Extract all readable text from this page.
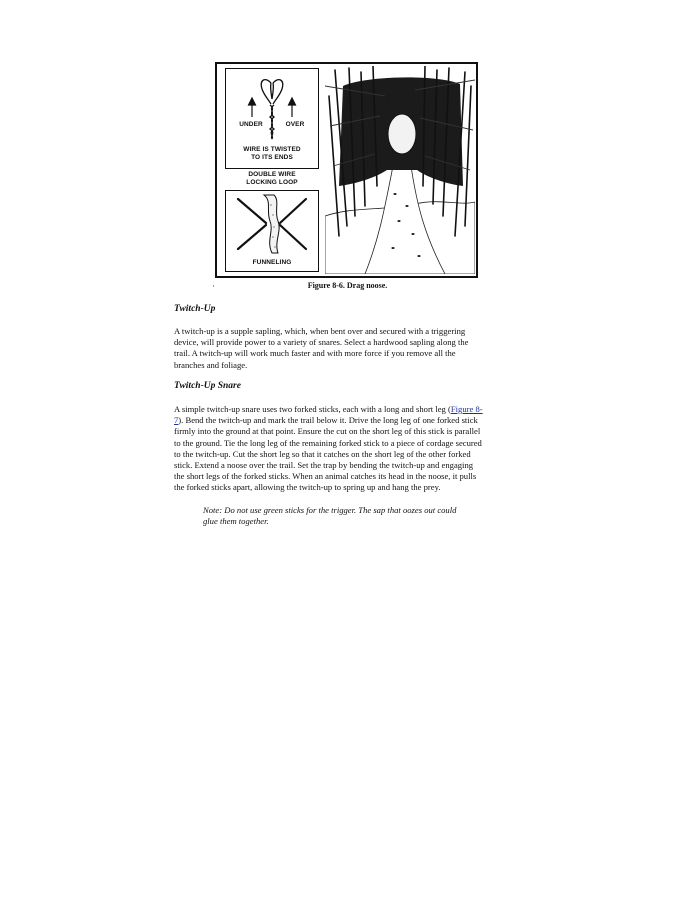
UNDER	OVER
WIRE IS TWISTED
TO ITS ENDS
DOUBLE WIRE
LOCKING LOOP
FUNNELING
Figure 8-6. Drag noose.
Twitch-Up
A twitch-up is a supple sapling, which, when bent over and secured with a triggering
device, will provide power to a variety of snares. Select a hardwood sapling along the
trail. A twitch-up will work much faster and with more force if you remove all the
branches and foliage.
Twitch-Up Snare
A simple twitch-up snare uses two forked sticks, each with a long and short leg (Figure 8-
7). Bend the twitch-up and mark the trail below it. Drive the long leg of one forked stick
firmly into the ground at that point. Ensure the cut on the short leg of this stick is parallel
to the ground. Tie the long leg of the remaining forked stick to a piece of cordage secured
to the twitch-up. Cut the short leg so that it catches on the short leg of the other forked
stick. Extend a noose over the trail. Set the trap by bending the twitch-up and engaging
the short legs of the forked sticks. When an animal catches its head in the noose, it pulls
the forked sticks apart, allowing the twitch-up to spring up and hang the prey.
Note: Do not use green sticks for the trigger. The sap that oozes out could
glue them together.
